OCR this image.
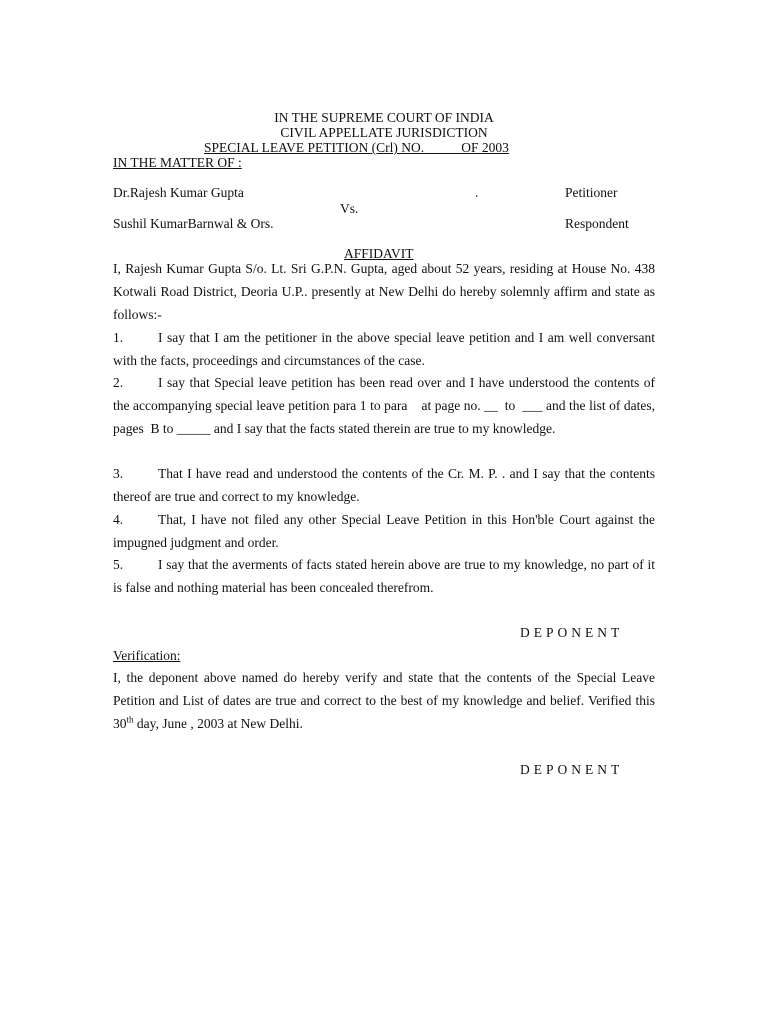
IN THE SUPREME COURT OF INDIA
CIVIL APPELLATE JURISDICTION
SPECIAL LEAVE PETITION (Crl) NO.           OF 2003
IN THE MATTER OF :
Dr.Rajesh Kumar Gupta	.	Petitioner
Vs.
Sushil KumarBarnwal & Ors.	Respondent
AFFIDAVIT
I, Rajesh Kumar Gupta S/o. Lt. Sri G.P.N. Gupta, aged about 52 years, residing at House No. 438 Kotwali Road District, Deoria U.P.. presently at New Delhi do hereby solemnly affirm and state as follows:-
1.	I say that I am the petitioner in the above special leave petition and I am well conversant with the facts, proceedings and circumstances of the case.
2.	I say that Special leave petition has been read over and I have understood the contents of the accompanying special leave petition para 1 to para    at page no. __  to  ___ and the list of dates, pages  B to _____ and I say that the facts stated therein are true to my knowledge.
3.	That I have read and understood the contents of the Cr. M. P. . and I say that the contents thereof are true and correct to my knowledge.
4.	That, I have not filed any other Special Leave Petition in this Hon'ble Court against the impugned judgment and order.
5.	I say that the averments of facts stated herein above are true to my knowledge, no part of it is false and nothing material has been concealed therefrom.
DEPONENT
Verification:
I, the deponent above named do hereby verify and state that the contents of the Special Leave Petition and List of dates are true and correct to the best of my knowledge and belief. Verified this 30th day, June , 2003 at New Delhi.
DEPONENT
